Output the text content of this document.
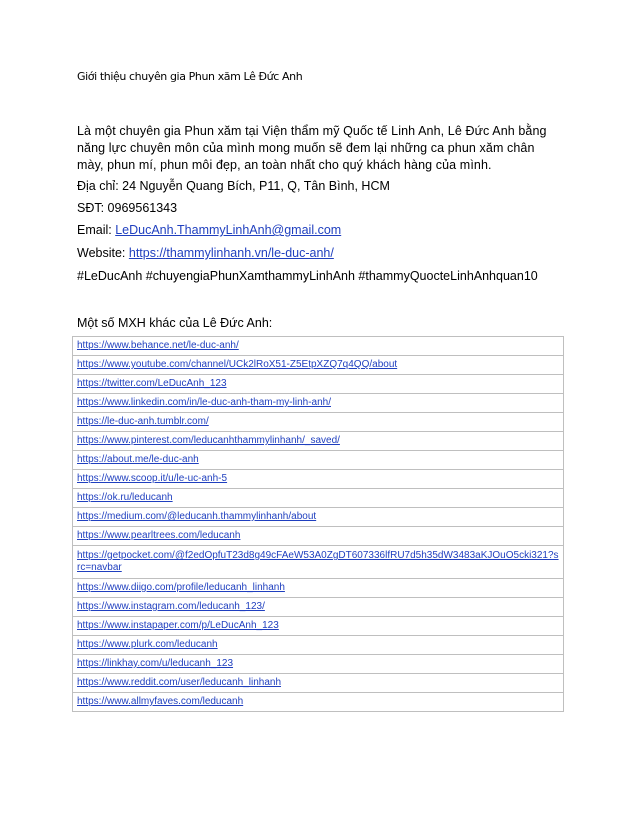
Giới thiệu chuyên gia Phun xăm Lê Đức Anh
Là một chuyên gia Phun xăm tại Viện thẩm mỹ Quốc tế Linh Anh, Lê Đức Anh bằng năng lực chuyên môn của mình mong muốn sẽ đem lại những ca phun xăm chân mày, phun mí, phun môi đẹp, an toàn nhất cho quý khách hàng của mình.
Địa chỉ: 24 Nguyễn Quang Bích, P11, Q, Tân Bình, HCM
SĐT: 0969561343
Email: LeDucAnh.ThammyLinhAnh@gmail.com
Website: https://thammylinhanh.vn/le-duc-anh/
#LeDucAnh #chuyengiaPhunXamthammyLinhAnh #thammyQuocteLinhAnhquan10
Một số MXH khác của Lê Đức Anh:
https://www.behance.net/le-duc-anh/
https://www.youtube.com/channel/UCk2lRoX51-Z5EtpXZQ7q4QQ/about
https://twitter.com/LeDucAnh_123
https://www.linkedin.com/in/le-duc-anh-tham-my-linh-anh/
https://le-duc-anh.tumblr.com/
https://www.pinterest.com/leducanhthammylinhanh/_saved/
https://about.me/le-duc-anh
https://www.scoop.it/u/le-uc-anh-5
https://ok.ru/leducanh
https://medium.com/@leducanh.thammylinhanh/about
https://www.pearltrees.com/leducanh
https://getpocket.com/@f2edOpfuT23d8g49cFAeW53A0ZgDT607336lfRU7d5h35dW3483aKJOuO5cki321?src=navbar
https://www.diigo.com/profile/leducanh_linhanh
https://www.instagram.com/leducanh_123/
https://www.instapaper.com/p/LeDucAnh_123
https://www.plurk.com/leducanh
https://linkhay.com/u/leducanh_123
https://www.reddit.com/user/leducanh_linhanh
https://www.allmyfaves.com/leducanh
